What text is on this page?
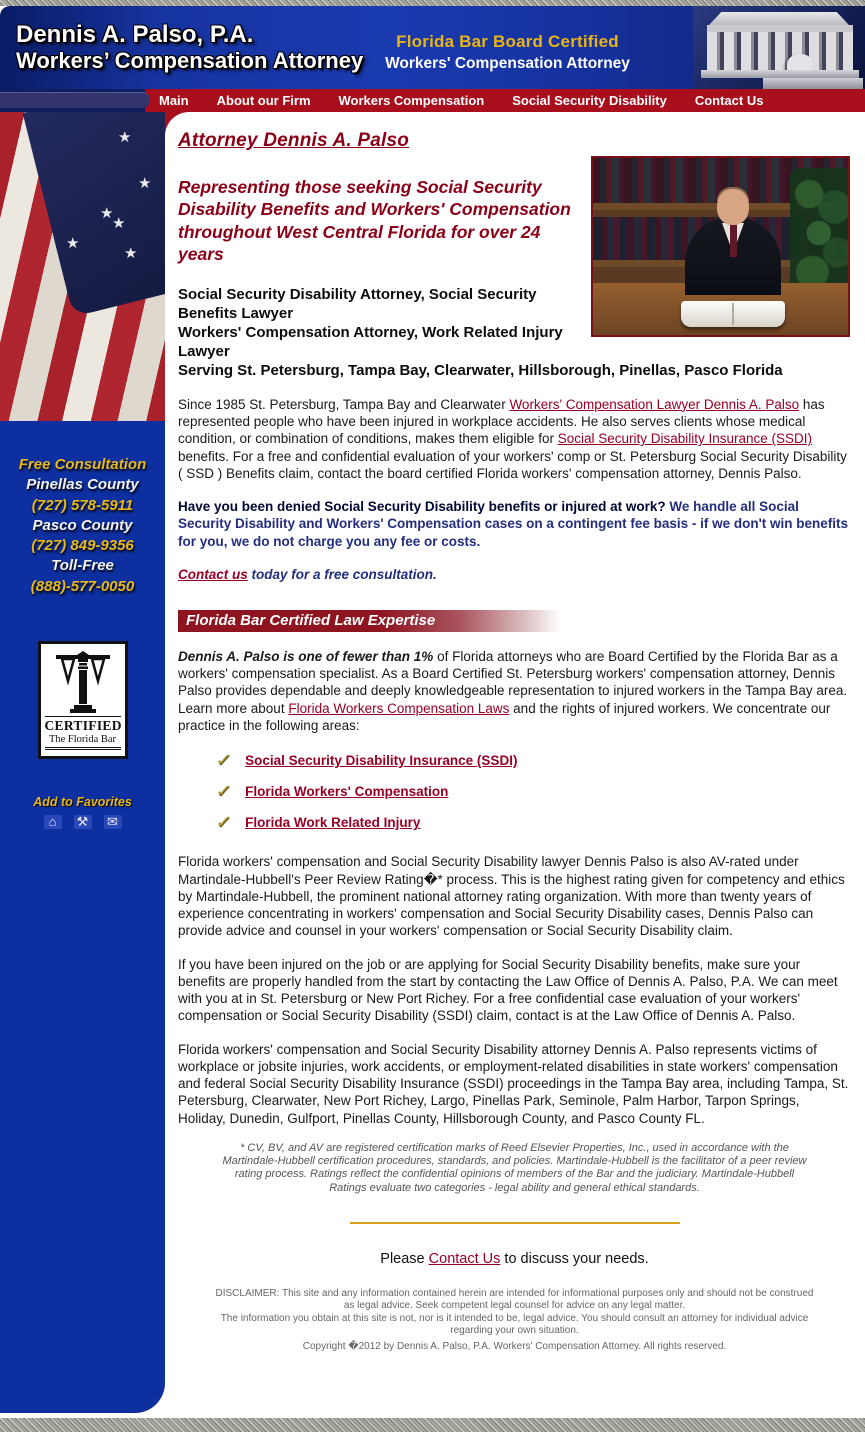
Dennis A. Palso, P.A.
Workers’ Compensation Attorney
Florida Bar Board Certified
Workers' Compensation Attorney
Main	About our Firm	Workers Compensation	Social Security Disability	Contact Us
★
★
★
★
★
★
Free Consultation
Pinellas County
(727) 578-5911
Pasco County
(727) 849-9356
Toll-Free
(888)-577-0050
CERTIFIED
The Florida Bar
Add to Favorites
⌂	⚒ ✉
Attorney Dennis A. Palso
Representing those seeking Social Security Disability Benefits and Workers' Compensation
throughout West Central Florida for over 24 years
Social Security Disability Attorney, Social Security Benefits Lawyer
Workers' Compensation Attorney, Work Related Injury Lawyer
Serving St. Petersburg, Tampa Bay, Clearwater, Hillsborough, Pinellas, Pasco Florida

Since 1985 St. Petersburg, Tampa Bay and Clearwater Workers' Compensation Lawyer Dennis A. Palso has represented people who have been injured in workplace accidents. He also serves clients whose medical condition, or combination of conditions, makes them eligible for Social Security Disability Insurance (SSDI) benefits. For a free and confidential evaluation of your workers' comp or St. Petersburg Social Security Disability ( SSD ) Benefits claim, contact the board certified Florida workers' compensation attorney, Dennis Palso.

Have you been denied Social Security Disability benefits or injured at work? We handle all Social Security Disability and Workers' Compensation cases on a contingent fee basis - if we don't win benefits for you, we do not charge you any fee or costs.

Contact us today for a free consultation.
Florida Bar Certified Law Expertise

Dennis A. Palso is one of fewer than 1% of Florida attorneys who are Board Certified by the Florida Bar as a workers' compensation specialist. As a Board Certified St. Petersburg workers' compensation attorney, Dennis Palso provides dependable and deeply knowledgeable representation to injured workers in the Tampa Bay area. Learn more about Florida Workers Compensation Laws and the rights of injured workers. We concentrate our practice in the following areas:

✓ Social Security Disability Insurance (SSDI)
✓ Florida Workers' Compensation
✓ Florida Work Related Injury

Florida workers' compensation and Social Security Disability lawyer Dennis Palso is also AV-rated under Martindale-Hubbell's Peer Review Rating�* process. This is the highest rating given for competency and ethics by Martindale-Hubbell, the prominent national attorney rating organization. With more than twenty years of experience concentrating in workers' compensation and Social Security Disability cases, Dennis Palso can provide advice and counsel in your workers' compensation or Social Security Disability claim.

If you have been injured on the job or are applying for Social Security Disability benefits, make sure your benefits are properly handled from the start by contacting the Law Office of Dennis A. Palso, P.A. We can meet with you at in St. Petersburg or New Port Richey. For a free confidential case evaluation of your workers' compensation or Social Security Disability (SSDI) claim, contact is at the Law Office of Dennis A. Palso.

Florida workers' compensation and Social Security Disability attorney Dennis A. Palso represents victims of workplace or jobsite injuries, work accidents, or employment-related disabilities in state workers' compensation and federal Social Security Disability Insurance (SSDI) proceedings in the Tampa Bay area, including Tampa, St. Petersburg, Clearwater, New Port Richey, Largo, Pinellas Park, Seminole, Palm Harbor, Tarpon Springs, Holiday, Dunedin, Gulfport, Pinellas County, Hillsborough County, and Pasco County FL.

* CV, BV, and AV are registered certification marks of Reed Elsevier Properties, Inc., used in accordance with the Martindale-Hubbell certification procedures, standards, and policies. Martindale-Hubbell is the facilitator of a peer review rating process. Ratings reflect the confidential opinions of members of the Bar and the judiciary. Martindale-Hubbell Ratings evaluate two categories - legal ability and general ethical standards.
Please Contact Us to discuss your needs.
DISCLAIMER: This site and any information contained herein are intended for informational purposes only and should not be construed as legal advice. Seek competent legal counsel for advice on any legal matter.
The information you obtain at this site is not, nor is it intended to be, legal advice. You should consult an attorney for individual advice regarding your own situation.
Copyright �2012 by Dennis A. Palso, P.A. Workers' Compensation Attorney. All rights reserved.
